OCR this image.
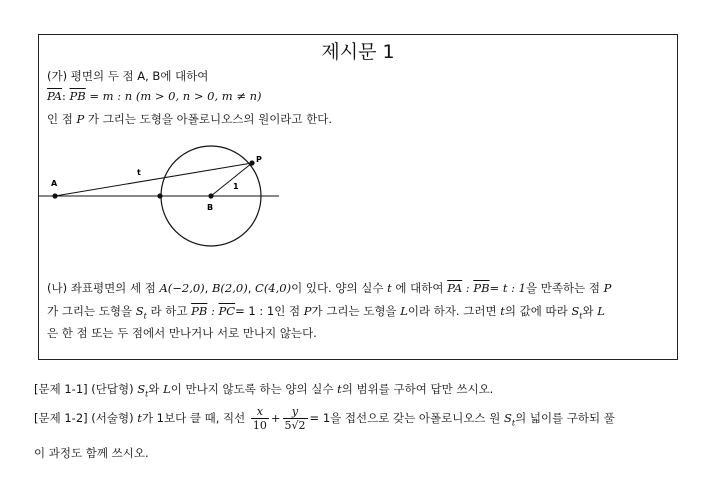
제시문 1
(가) 평면의 두 점 A, B에 대하여
$\overline{PA}$: $\overline{PB} = m$ : n (m > 0, n > 0, m ≠ n)
인 점 P 가 그리는 도형을 아폴로니오스의 원이라고 한다.
A
B
P
t
1
(나) 좌표평면의 세 점 A(−2,0), B(2,0), C(4,0)이 있다. 양의 실수 t 에 대하여 $\overline{PA}$ : $\overline{PB}= t$ : 1을 만족하는 점 P
가 그리는 도형을 $S_t$ 라 하고 $\overline{PB}$ : $\overline{PC}= 1$ : 1인 점 P가 그리는 도형을 L이라 하자. 그러면 t의 값에 따라 $S_t$와 L
은 한 점 또는 두 점에서 만나거나 서로 만나지 않는다.
[문제 1-1] (단답형) $S_t$와 L이 만나지 않도록 하는 양의 실수 t의 범위를 구하여 답만 쓰시오.
[문제 1-2] (서술형) t가 1보다 클 때, 직선 $\frac{x}{10} + \frac{y}{5√2} = 1$을 접선으로 갖는 아폴로니오스 원 $S_t$의 넓이를 구하되 풀
이 과정도 함께 쓰시오.
